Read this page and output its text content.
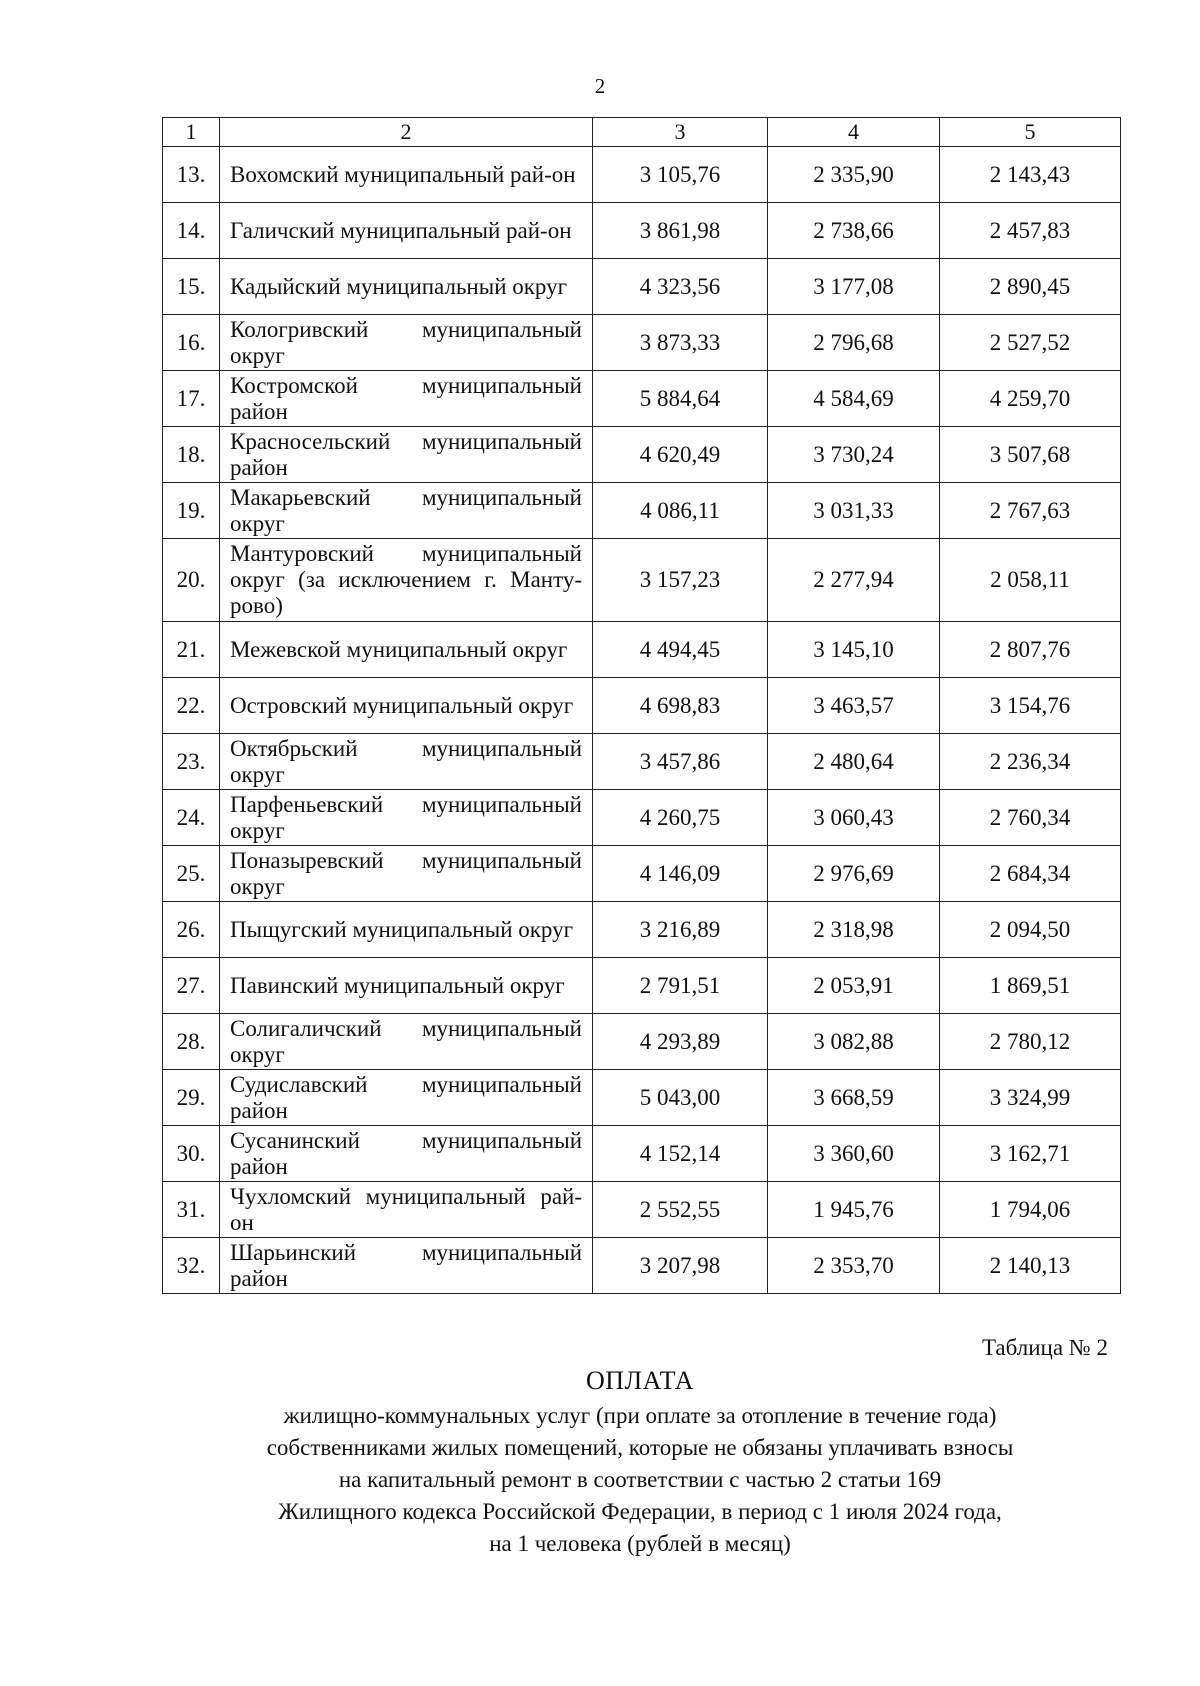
2
1	2	3	4	5
13.	Вохомский муниципальный рай-он	3 105,76	2 335,90	2 143,43
14.	Галичский муниципальный рай-он	3 861,98	2 738,66	2 457,83
15.	Кадыйский муниципальный округ	4 323,56	3 177,08	2 890,45
16.	Кологривский муниципальный округ	3 873,33	2 796,68	2 527,52
17.	Костромской муниципальный район	5 884,64	4 584,69	4 259,70
18.	Красносельский муниципальный район	4 620,49	3 730,24	3 507,68
19.	Макарьевский муниципальный округ	4 086,11	3 031,33	2 767,63
20.	Мантуровский муниципальный округ (за исключением г. Манту-рово)	3 157,23	2 277,94	2 058,11
21.	Межевской муниципальный округ	4 494,45	3 145,10	2 807,76
22.	Островский муниципальный округ	4 698,83	3 463,57	3 154,76
23.	Октябрьский муниципальный округ	3 457,86	2 480,64	2 236,34
24.	Парфеньевский муниципальный округ	4 260,75	3 060,43	2 760,34
25.	Поназыревский муниципальный округ	4 146,09	2 976,69	2 684,34
26.	Пыщугский муниципальный округ	3 216,89	2 318,98	2 094,50
27.	Павинский муниципальный округ	2 791,51	2 053,91	1 869,51
28.	Солигаличский муниципальный округ	4 293,89	3 082,88	2 780,12
29.	Судиславский муниципальный район	5 043,00	3 668,59	3 324,99
30.	Сусанинский муниципальный район	4 152,14	3 360,60	3 162,71
31.	Чухломский муниципальный рай-он	2 552,55	1 945,76	1 794,06
32.	Шарьинский муниципальный район	3 207,98	2 353,70	2 140,13
Таблица № 2
ОПЛАТА
жилищно-коммунальных услуг (при оплате за отопление в течение года)
собственниками жилых помещений, которые не обязаны уплачивать взносы
на капитальный ремонт в соответствии с частью 2 статьи 169
Жилищного кодекса Российской Федерации, в период с 1 июля 2024 года,
на 1 человека (рублей в месяц)
